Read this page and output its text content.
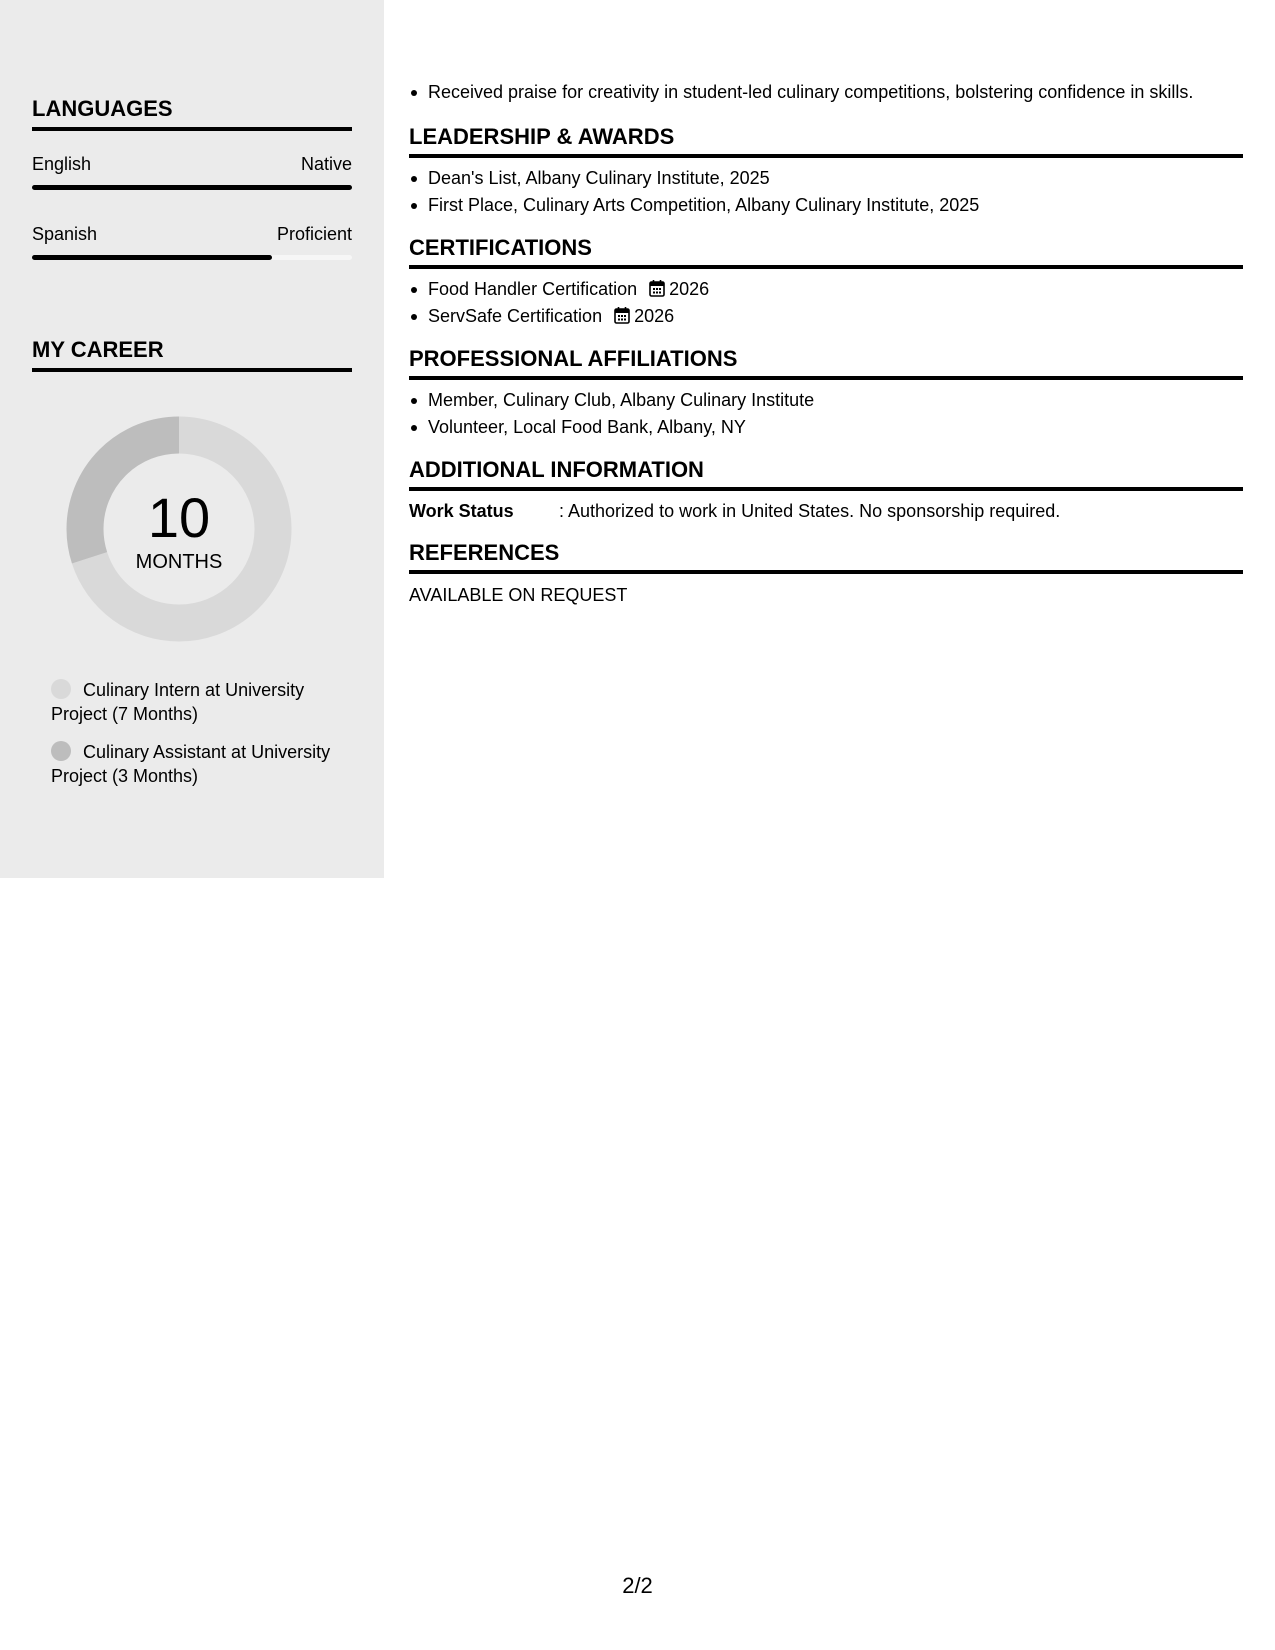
LANGUAGES
English	Native
Spanish	Proficient
MY CAREER
10
MONTHS
Culinary Intern at University Project (7 Months)
Culinary Assistant at University Project (3 Months)
Received praise for creativity in student-led culinary competitions, bolstering confidence in skills.
LEADERSHIP & AWARDS
Dean's List, Albany Culinary Institute, 2025
First Place, Culinary Arts Competition, Albany Culinary Institute, 2025
CERTIFICATIONS
Food Handler Certification 2026
ServSafe Certification 2026
PROFESSIONAL AFFILIATIONS
Member, Culinary Club, Albany Culinary Institute
Volunteer, Local Food Bank, Albany, NY
ADDITIONAL INFORMATION
Work Status	: Authorized to work in United States. No sponsorship required.
REFERENCES
AVAILABLE ON REQUEST
2/2
